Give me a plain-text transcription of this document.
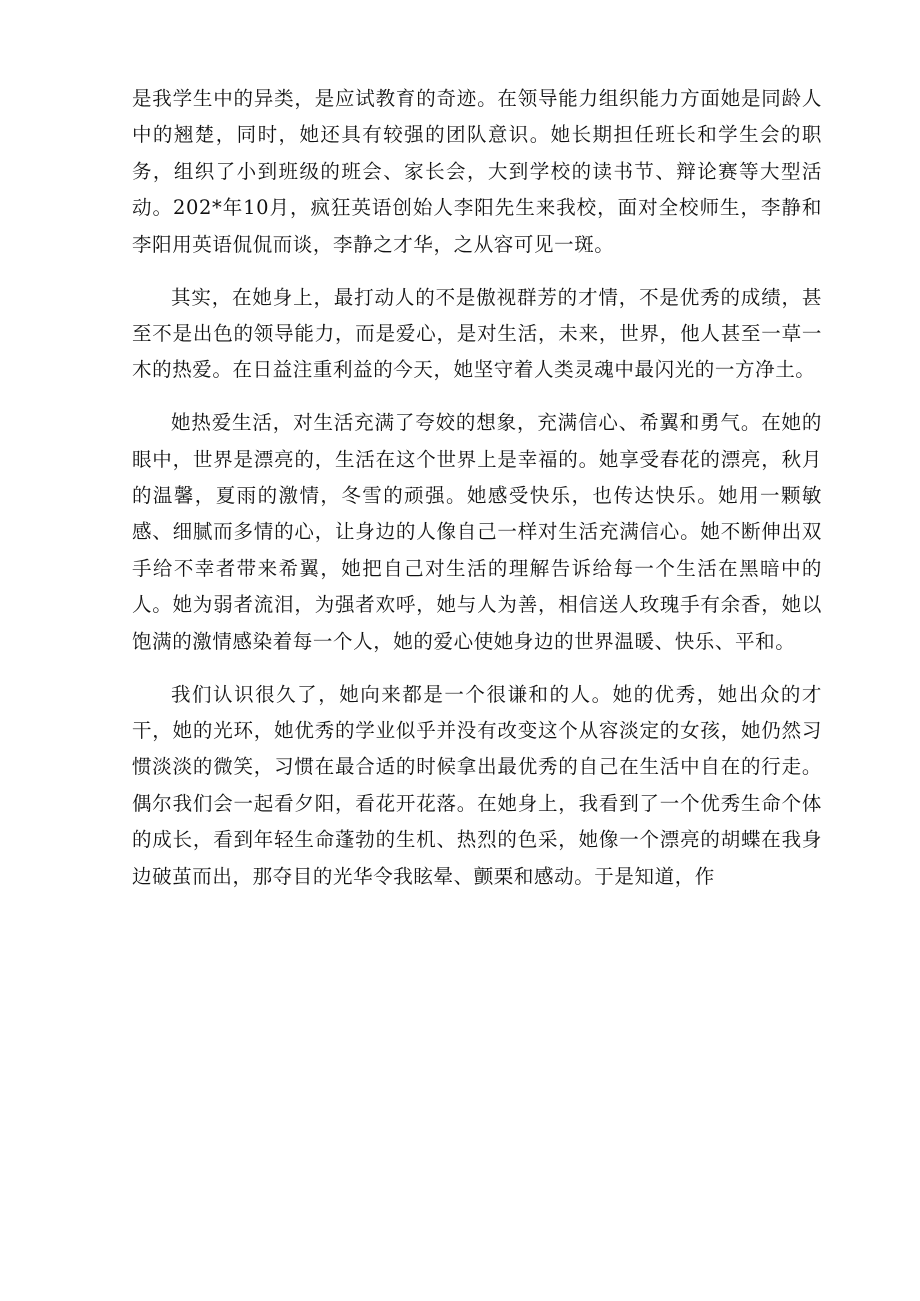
是我学生中的异类，是应试教育的奇迹。在领导能力组织能力方面她是同龄人中的翘楚，同时，她还具有较强的团队意识。她长期担任班长和学生会的职务，组织了小到班级的班会、家长会，大到学校的读书节、辩论赛等大型活动。202*年10月，疯狂英语创始人李阳先生来我校，面对全校师生，李静和李阳用英语侃侃而谈，李静之才华，之从容可见一斑。

其实，在她身上，最打动人的不是傲视群芳的才情，不是优秀的成绩，甚至不是出色的领导能力，而是爱心，是对生活，未来，世界，他人甚至一草一木的热爱。在日益注重利益的今天，她坚守着人类灵魂中最闪光的一方净土。

她热爱生活，对生活充满了夸姣的想象，充满信心、希翼和勇气。在她的眼中，世界是漂亮的，生活在这个世界上是幸福的。她享受春花的漂亮，秋月的温馨，夏雨的激情，冬雪的顽强。她感受快乐，也传达快乐。她用一颗敏感、细腻而多情的心，让身边的人像自己一样对生活充满信心。她不断伸出双手给不幸者带来希翼，她把自己对生活的理解告诉给每一个生活在黑暗中的人。她为弱者流泪，为强者欢呼，她与人为善，相信送人玫瑰手有余香，她以饱满的激情感染着每一个人，她的爱心使她身边的世界温暖、快乐、平和。

我们认识很久了，她向来都是一个很谦和的人。她的优秀，她出众的才干，她的光环，她优秀的学业似乎并没有改变这个从容淡定的女孩，她仍然习惯淡淡的微笑，习惯在最合适的时候拿出最优秀的自己在生活中自在的行走。偶尔我们会一起看夕阳，看花开花落。在她身上，我看到了一个优秀生命个体的成长，看到年轻生命蓬勃的生机、热烈的色采，她像一个漂亮的胡蝶在我身边破茧而出，那夺目的光华令我眩晕、颤栗和感动。于是知道，作
